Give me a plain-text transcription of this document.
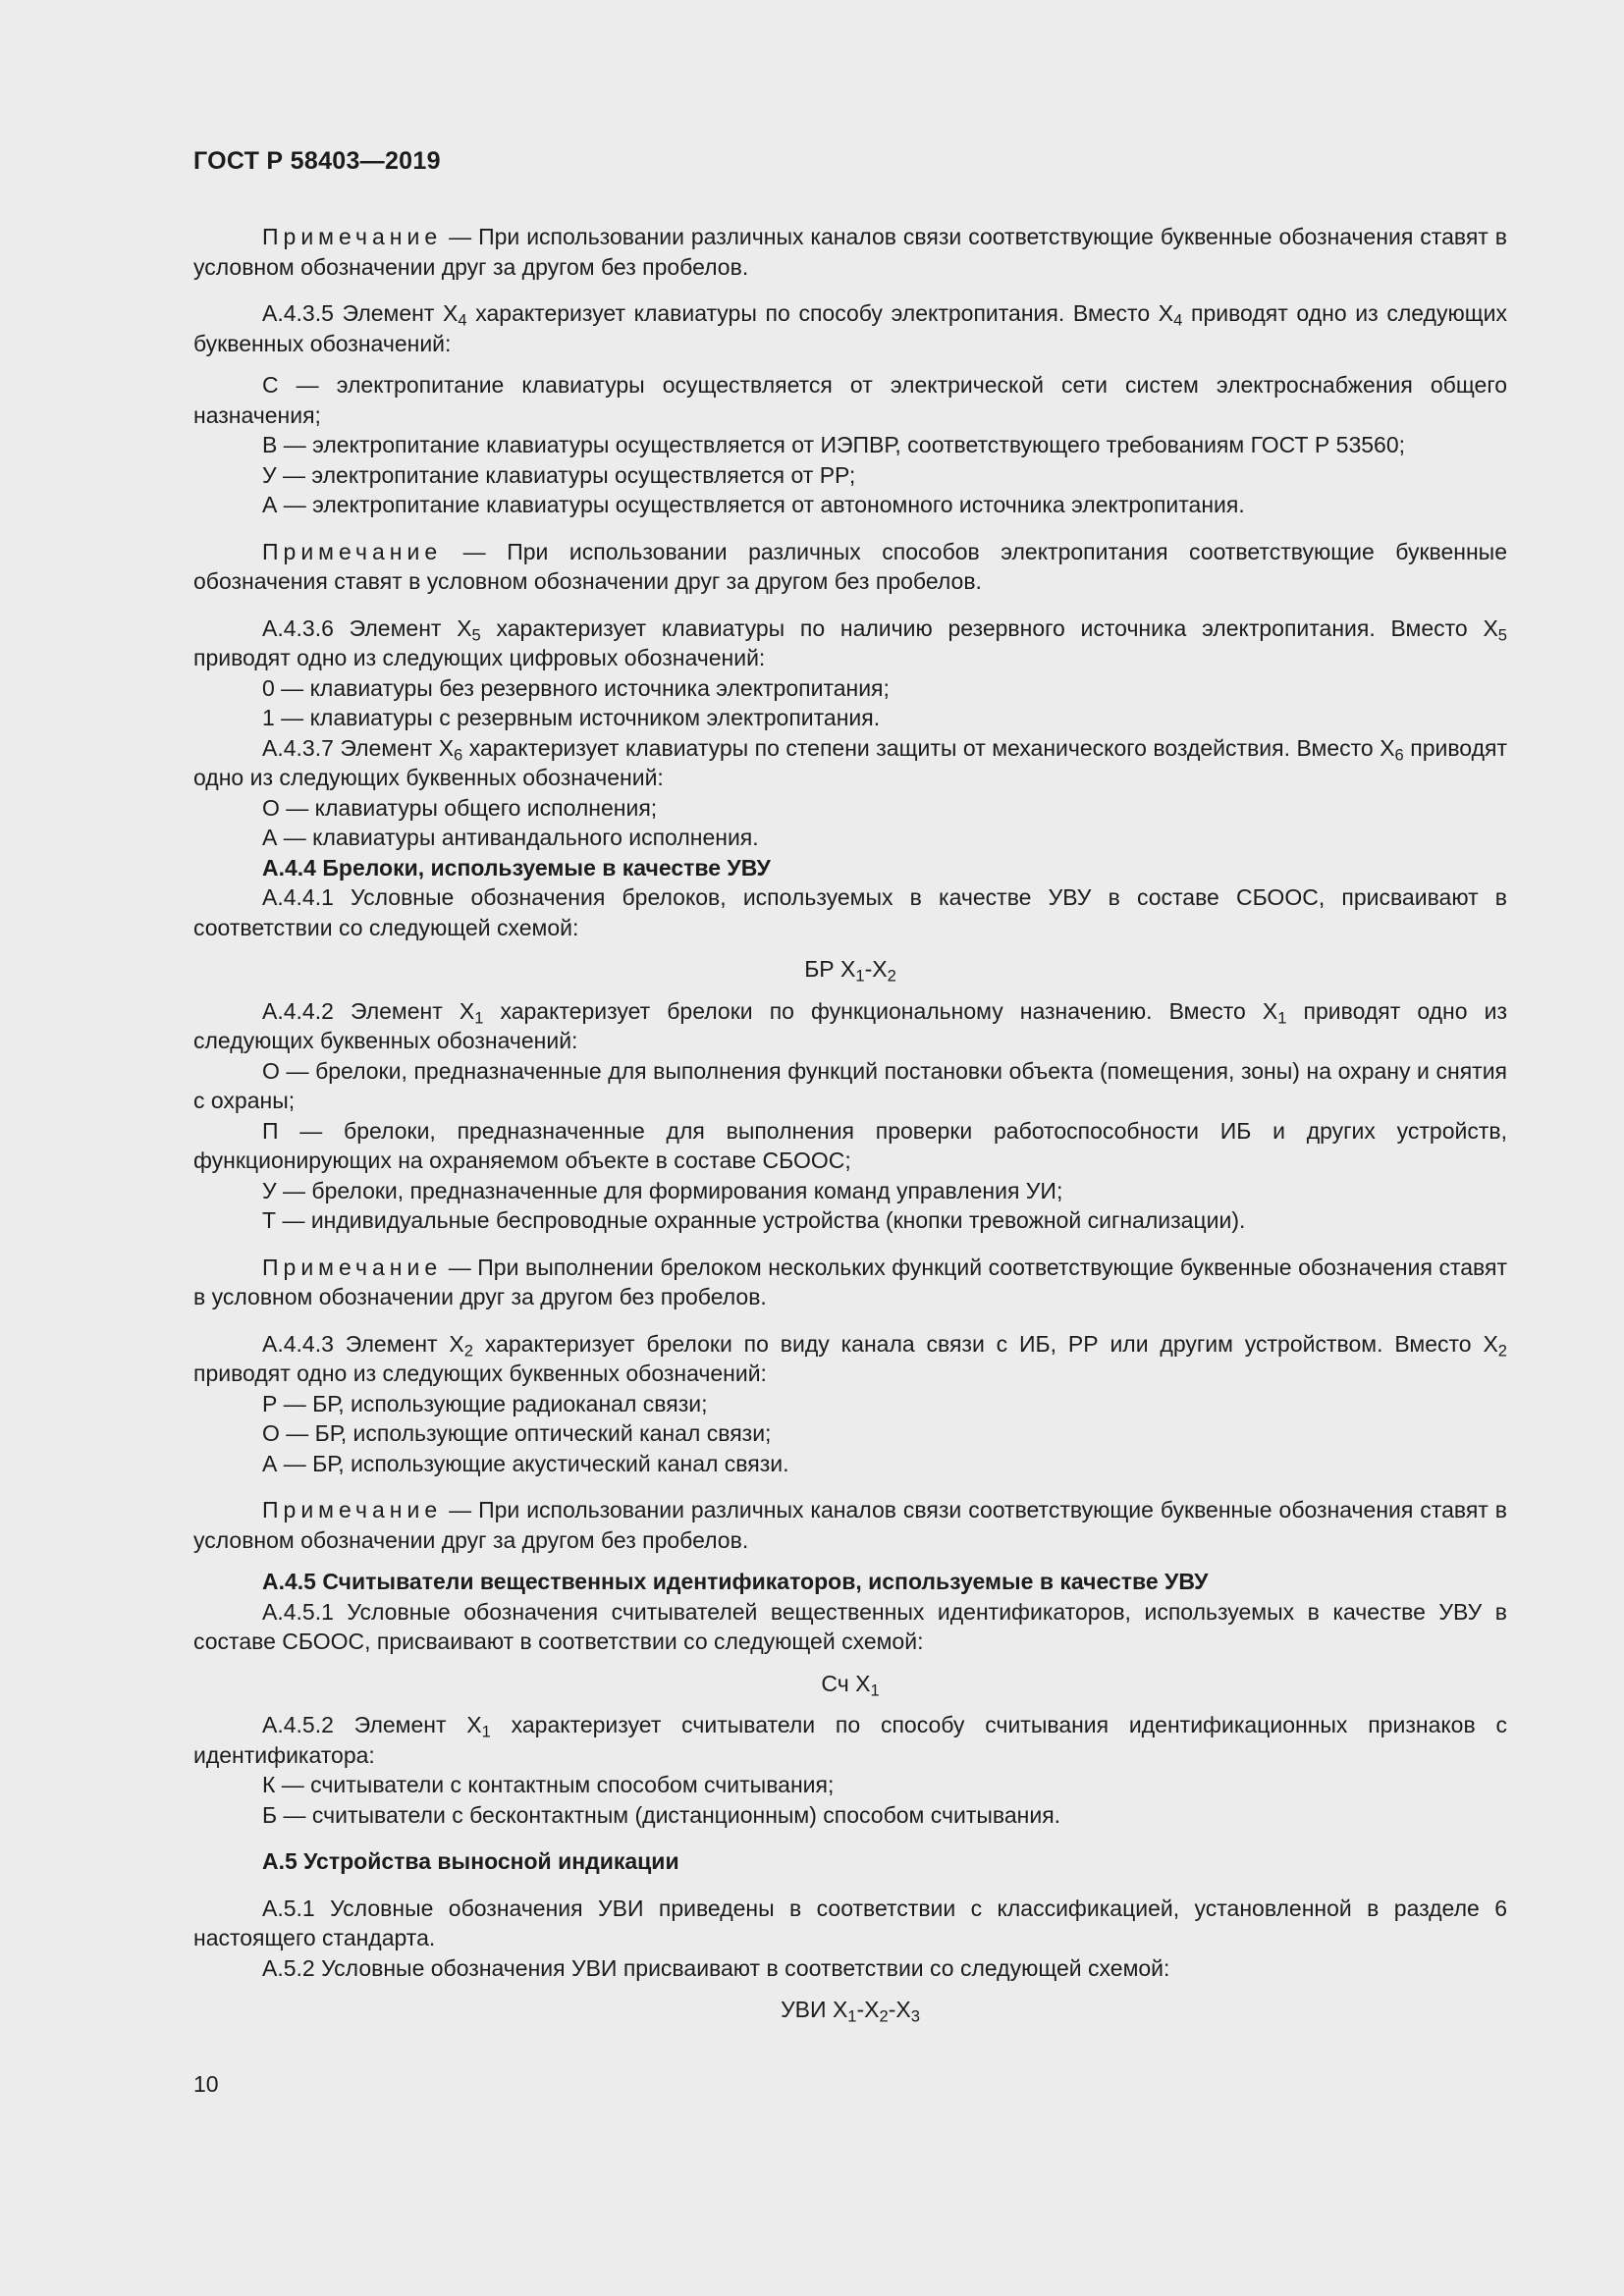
ГОСТ Р 58403—2019

Примечание — При использовании различных каналов связи соответствующие буквенные обозначения ставят в условном обозначении друг за другом без пробелов.

А.4.3.5 Элемент $X_4$ характеризует клавиатуры по способу электропитания. Вместо $X_4$ приводят одно из следующих буквенных обозначений:

С — электропитание клавиатуры осуществляется от электрической сети систем электроснабжения общего назначения;

В — электропитание клавиатуры осуществляется от ИЭПВР, соответствующего требованиям ГОСТ Р 53560;

У — электропитание клавиатуры осуществляется от РР;

А — электропитание клавиатуры осуществляется от автономного источника электропитания.

Примечание — При использовании различных способов электропитания соответствующие буквенные обозначения ставят в условном обозначении друг за другом без пробелов.

А.4.3.6 Элемент $X_5$ характеризует клавиатуры по наличию резервного источника электропитания. Вместо $X_5$ приводят одно из следующих цифровых обозначений:

0 — клавиатуры без резервного источника электропитания;

1 — клавиатуры с резервным источником электропитания.

А.4.3.7 Элемент $X_6$ характеризует клавиатуры по степени защиты от механического воздействия. Вместо $X_6$ приводят одно из следующих буквенных обозначений:

О — клавиатуры общего исполнения;

А — клавиатуры антивандального исполнения.

А.4.4 Брелоки, используемые в качестве УВУ

А.4.4.1 Условные обозначения брелоков, используемых в качестве УВУ в составе СБООС, присваивают в соответствии со следующей схемой:

БР $X_1-X_2$

А.4.4.2 Элемент $X_1$ характеризует брелоки по функциональному назначению. Вместо $X_1$ приводят одно из следующих буквенных обозначений:

О — брелоки, предназначенные для выполнения функций постановки объекта (помещения, зоны) на охрану и снятия с охраны;

П — брелоки, предназначенные для выполнения проверки работоспособности ИБ и других устройств, функционирующих на охраняемом объекте в составе СБООС;

У — брелоки, предназначенные для формирования команд управления УИ;

Т — индивидуальные беспроводные охранные устройства (кнопки тревожной сигнализации).

Примечание — При выполнении брелоком нескольких функций соответствующие буквенные обозначения ставят в условном обозначении друг за другом без пробелов.

А.4.4.3 Элемент $X_2$ характеризует брелоки по виду канала связи с ИБ, РР или другим устройством. Вместо $X_2$ приводят одно из следующих буквенных обозначений:

Р — БР, использующие радиоканал связи;

О — БР, использующие оптический канал связи;

А — БР, использующие акустический канал связи.

Примечание — При использовании различных каналов связи соответствующие буквенные обозначения ставят в условном обозначении друг за другом без пробелов.

А.4.5 Считыватели вещественных идентификаторов, используемые в качестве УВУ

А.4.5.1 Условные обозначения считывателей вещественных идентификаторов, используемых в качестве УВУ в составе СБООС, присваивают в соответствии со следующей схемой:

Сч $X_1$

А.4.5.2 Элемент $X_1$ характеризует считыватели по способу считывания идентификационных признаков с идентификатора:

К — считыватели с контактным способом считывания;

Б — считыватели с бесконтактным (дистанционным) способом считывания.

А.5 Устройства выносной индикации

А.5.1 Условные обозначения УВИ приведены в соответствии с классификацией, установленной в разделе 6 настоящего стандарта.

А.5.2 Условные обозначения УВИ присваивают в соответствии со следующей схемой:

УВИ $X_1-X_2-X_3$

10
